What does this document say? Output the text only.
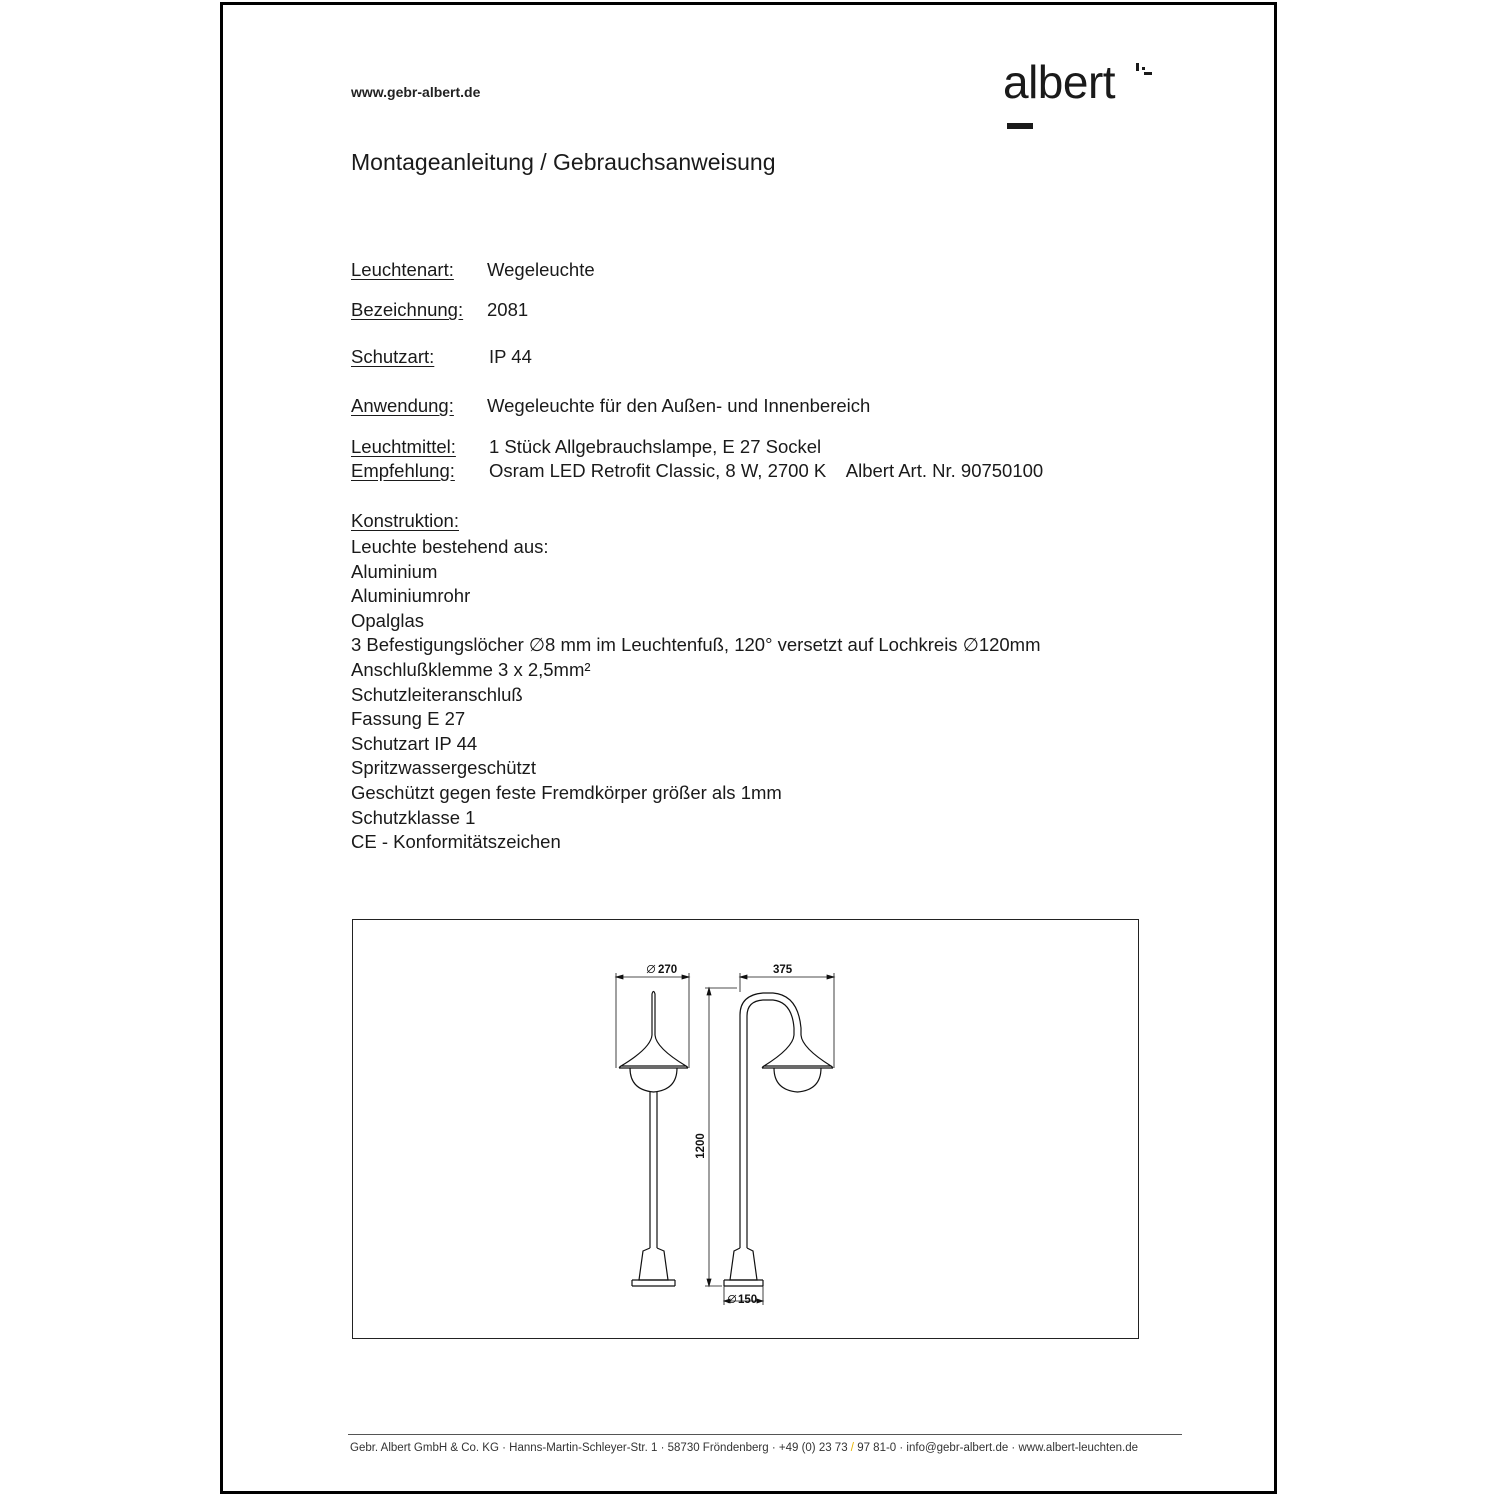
www.gebr-albert.de	albert
Montageanleitung / Gebrauchsanweisung
Leuchtenart: Wegeleuchte
Bezeichnung: 2081
Schutzart:	IP 44
Anwendung: Wegeleuchte für den Außen- und Innenbereich
Leuchtmittel: 1 Stück Allgebrauchslampe, E 27 Sockel
Empfehlung: Osram LED Retrofit Classic, 8 W, 2700 K    Albert Art. Nr. 90750100
Konstruktion:
Leuchte bestehend aus:
Aluminium
Aluminiumrohr
Opalglas
3 Befestigungslöcher ∅8 mm im Leuchtenfuß, 120° versetzt auf Lochkreis ∅120mm
Anschlußklemme 3 x 2,5mm²
Schutzleiteranschluß
Fassung E 27
Schutzart IP 44
Spritzwassergeschützt
Geschützt gegen feste Fremdkörper größer als 1mm
Schutzklasse 1
CE - Konformitätszeichen
270	375
1200
150
Gebr. Albert GmbH & Co. KG · Hanns-Martin-Schleyer-Str. 1 · 58730 Fröndenberg · +49 (0) 23 73 / 97 81-0 · info@gebr-albert.de · www.albert-leuchten.de
